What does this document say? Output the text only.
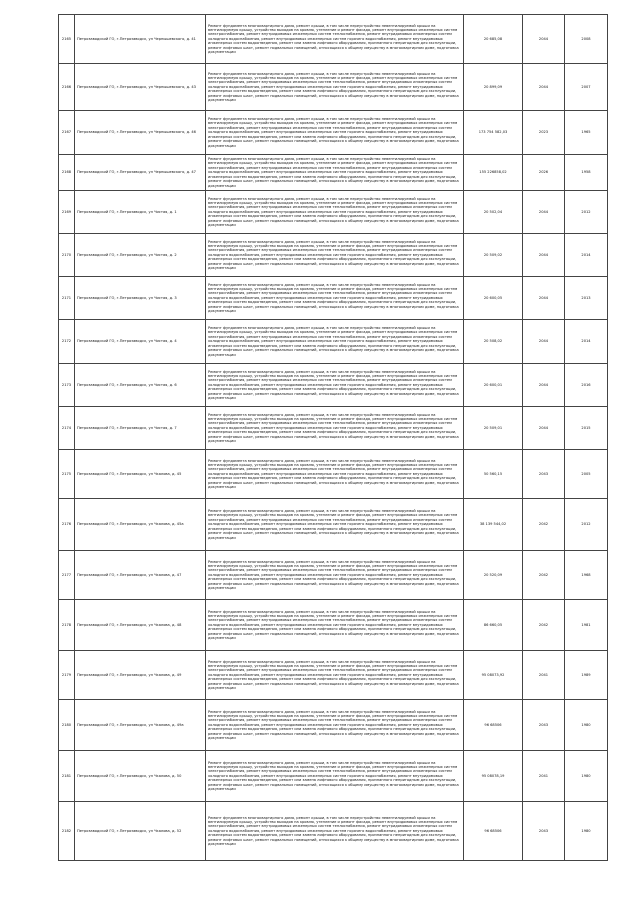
2165	Петрозаводский ГО, г.Петрозаводск, ул Чернышевского, д. 41	Ремонт фундамента многоквартирного дома, ремонт крыши, в том числе переустройство невентилируемой крыши на вентилируемую крышу, устройство выходов на кровлю, утепление и ремонт фасада, ремонт внутридомовых инженерных систем электроснабжения, ремонт внутридомовых инженерных систем теплоснабжения, ремонт внутридомовых инженерных систем холодного водоснабжения, ремонт внутридомовых инженерных систем горячего водоснабжения, ремонт внутридомовых инженерных систем водоотведения, ремонт или замена лифтового оборудования, признанного непригодным для эксплуатации, ремонт лифтовых шахт, ремонт подвальных помещений, относящихся к общему имуществу в многоквартирном доме, подготовка документации	20 685,08	2044	2008
2166	Петрозаводский ГО, г.Петрозаводск, ул Чернышевского, д. 43	Ремонт фундамента многоквартирного дома, ремонт крыши, в том числе переустройство невентилируемой крыши на вентилируемую крышу, устройство выходов на кровлю, утепление и ремонт фасада, ремонт внутридомовых инженерных систем электроснабжения, ремонт внутридомовых инженерных систем теплоснабжения, ремонт внутридомовых инженерных систем холодного водоснабжения, ремонт внутридомовых инженерных систем горячего водоснабжения, ремонт внутридомовых инженерных систем водоотведения, ремонт или замена лифтового оборудования, признанного непригодным для эксплуатации, ремонт лифтовых шахт, ремонт подвальных помещений, относящихся к общему имуществу в многоквартирном доме, подготовка документации	20 899,09	2044	2007
2167	Петрозаводский ГО, г.Петрозаводск, ул Чернышевского, д. 46	Ремонт фундамента многоквартирного дома, ремонт крыши, в том числе переустройство невентилируемой крыши на вентилируемую крышу, устройство выходов на кровлю, утепление и ремонт фасада, ремонт внутридомовых инженерных систем электроснабжения, ремонт внутридомовых инженерных систем теплоснабжения, ремонт внутридомовых инженерных систем холодного водоснабжения, ремонт внутридомовых инженерных систем горячего водоснабжения, ремонт внутридомовых инженерных систем водоотведения, ремонт или замена лифтового оборудования, признанного непригодным для эксплуатации, ремонт лифтовых шахт, ремонт подвальных помещений, относящихся к общему имуществу в многоквартирном доме, подготовка документации	173 754 582,03	2023	1965
2168	Петрозаводский ГО, г.Петрозаводск, ул Чернышевского, д. 47	Ремонт фундамента многоквартирного дома, ремонт крыши, в том числе переустройство невентилируемой крыши на вентилируемую крышу, устройство выходов на кровлю, утепление и ремонт фасада, ремонт внутридомовых инженерных систем электроснабжения, ремонт внутридомовых инженерных систем теплоснабжения, ремонт внутридомовых инженерных систем холодного водоснабжения, ремонт внутридомовых инженерных систем горячего водоснабжения, ремонт внутридомовых инженерных систем водоотведения, ремонт или замена лифтового оборудования, признанного непригодным для эксплуатации, ремонт лифтовых шахт, ремонт подвальных помещений, относящихся к общему имуществу в многоквартирном доме, подготовка документации	155 226858,02	2026	1958
2169	Петрозаводский ГО, г.Петрозаводск, ул Чистая, д. 1	Ремонт фундамента многоквартирного дома, ремонт крыши, в том числе переустройство невентилируемой крыши на вентилируемую крышу, устройство выходов на кровлю, утепление и ремонт фасада, ремонт внутридомовых инженерных систем электроснабжения, ремонт внутридомовых инженерных систем теплоснабжения, ремонт внутридомовых инженерных систем холодного водоснабжения, ремонт внутридомовых инженерных систем горячего водоснабжения, ремонт внутридомовых инженерных систем водоотведения, ремонт или замена лифтового оборудования, признанного непригодным для эксплуатации, ремонт лифтовых шахт, ремонт подвальных помещений, относящихся к общему имуществу в многоквартирном доме, подготовка документации	20 502,04	2044	2012
2170	Петрозаводский ГО, г.Петрозаводск, ул Чистая, д. 2	Ремонт фундамента многоквартирного дома, ремонт крыши, в том числе переустройство невентилируемой крыши на вентилируемую крышу, устройство выходов на кровлю, утепление и ремонт фасада, ремонт внутридомовых инженерных систем электроснабжения, ремонт внутридомовых инженерных систем теплоснабжения, ремонт внутридомовых инженерных систем холодного водоснабжения, ремонт внутридомовых инженерных систем горячего водоснабжения, ремонт внутридомовых инженерных систем водоотведения, ремонт или замена лифтового оборудования, признанного непригодным для эксплуатации, ремонт лифтовых шахт, ремонт подвальных помещений, относящихся к общему имуществу в многоквартирном доме, подготовка документации	20 509,02	2044	2014
2171	Петрозаводский ГО, г.Петрозаводск, ул Чистая, д. 3	Ремонт фундамента многоквартирного дома, ремонт крыши, в том числе переустройство невентилируемой крыши на вентилируемую крышу, устройство выходов на кровлю, утепление и ремонт фасада, ремонт внутридомовых инженерных систем электроснабжения, ремонт внутридомовых инженерных систем теплоснабжения, ремонт внутридомовых инженерных систем холодного водоснабжения, ремонт внутридомовых инженерных систем горячего водоснабжения, ремонт внутридомовых инженерных систем водоотведения, ремонт или замена лифтового оборудования, признанного непригодным для эксплуатации, ремонт лифтовых шахт, ремонт подвальных помещений, относящихся к общему имуществу в многоквартирном доме, подготовка документации	20 600,05	2044	2013
2172	Петрозаводский ГО, г.Петрозаводск, ул Чистая, д. 4	Ремонт фундамента многоквартирного дома, ремонт крыши, в том числе переустройство невентилируемой крыши на вентилируемую крышу, устройство выходов на кровлю, утепление и ремонт фасада, ремонт внутридомовых инженерных систем электроснабжения, ремонт внутридомовых инженерных систем теплоснабжения, ремонт внутридомовых инженерных систем холодного водоснабжения, ремонт внутридомовых инженерных систем горячего водоснабжения, ремонт внутридомовых инженерных систем водоотведения, ремонт или замена лифтового оборудования, признанного непригодным для эксплуатации, ремонт лифтовых шахт, ремонт подвальных помещений, относящихся к общему имуществу в многоквартирном доме, подготовка документации	20 508,02	2044	2014
2173	Петрозаводский ГО, г.Петрозаводск, ул Чистая, д. 6	Ремонт фундамента многоквартирного дома, ремонт крыши, в том числе переустройство невентилируемой крыши на вентилируемую крышу, устройство выходов на кровлю, утепление и ремонт фасада, ремонт внутридомовых инженерных систем электроснабжения, ремонт внутридомовых инженерных систем теплоснабжения, ремонт внутридомовых инженерных систем холодного водоснабжения, ремонт внутридомовых инженерных систем горячего водоснабжения, ремонт внутридомовых инженерных систем водоотведения, ремонт или замена лифтового оборудования, признанного непригодным для эксплуатации, ремонт лифтовых шахт, ремонт подвальных помещений, относящихся к общему имуществу в многоквартирном доме, подготовка документации	20 600,01	2044	2016
2174	Петрозаводский ГО, г.Петрозаводск, ул Чистая, д. 7	Ремонт фундамента многоквартирного дома, ремонт крыши, в том числе переустройство невентилируемой крыши на вентилируемую крышу, устройство выходов на кровлю, утепление и ремонт фасада, ремонт внутридомовых инженерных систем электроснабжения, ремонт внутридомовых инженерных систем теплоснабжения, ремонт внутридомовых инженерных систем холодного водоснабжения, ремонт внутридомовых инженерных систем горячего водоснабжения, ремонт внутридомовых инженерных систем водоотведения, ремонт или замена лифтового оборудования, признанного непригодным для эксплуатации, ремонт лифтовых шахт, ремонт подвальных помещений, относящихся к общему имуществу в многоквартирном доме, подготовка документации	20 509,01	2044	2015
2175	Петрозаводский ГО, г.Петрозаводск, ул Чкалова, д. 45	Ремонт фундамента многоквартирного дома, ремонт крыши, в том числе переустройство невентилируемой крыши на вентилируемую крышу, устройство выходов на кровлю, утепление и ремонт фасада, ремонт внутридомовых инженерных систем электроснабжения, ремонт внутридомовых инженерных систем теплоснабжения, ремонт внутридомовых инженерных систем холодного водоснабжения, ремонт внутридомовых инженерных систем горячего водоснабжения, ремонт внутридомовых инженерных систем водоотведения, ремонт или замена лифтового оборудования, признанного непригодным для эксплуатации, ремонт лифтовых шахт, ремонт подвальных помещений, относящихся к общему имуществу в многоквартирном доме, подготовка документации	50 560,15	2043	2005
2176	Петрозаводский ГО, г.Петрозаводск, ул Чкалова, д. 45а	Ремонт фундамента многоквартирного дома, ремонт крыши, в том числе переустройство невентилируемой крыши на вентилируемую крышу, устройство выходов на кровлю, утепление и ремонт фасада, ремонт внутридомовых инженерных систем электроснабжения, ремонт внутридомовых инженерных систем теплоснабжения, ремонт внутридомовых инженерных систем холодного водоснабжения, ремонт внутридомовых инженерных систем горячего водоснабжения, ремонт внутридомовых инженерных систем водоотведения, ремонт или замена лифтового оборудования, признанного непригодным для эксплуатации, ремонт лифтовых шахт, ремонт подвальных помещений, относящихся к общему имуществу в многоквартирном доме, подготовка документации	38 139 544,02	2042	2012
2177	Петрозаводский ГО, г.Петрозаводск, ул Чкалова, д. 47	Ремонт фундамента многоквартирного дома, ремонт крыши, в том числе переустройство невентилируемой крыши на вентилируемую крышу, устройство выходов на кровлю, утепление и ремонт фасада, ремонт внутридомовых инженерных систем электроснабжения, ремонт внутридомовых инженерных систем теплоснабжения, ремонт внутридомовых инженерных систем холодного водоснабжения, ремонт внутридомовых инженерных систем горячего водоснабжения, ремонт внутридомовых инженерных систем водоотведения, ремонт или замена лифтового оборудования, признанного непригодным для эксплуатации, ремонт лифтовых шахт, ремонт подвальных помещений, относящихся к общему имуществу в многоквартирном доме, подготовка документации	20 520,09	2042	1968
2178	Петрозаводский ГО, г.Петрозаводск, ул Чкалова, д. 48	Ремонт фундамента многоквартирного дома, ремонт крыши, в том числе переустройство невентилируемой крыши на вентилируемую крышу, устройство выходов на кровлю, утепление и ремонт фасада, ремонт внутридомовых инженерных систем электроснабжения, ремонт внутридомовых инженерных систем теплоснабжения, ремонт внутридомовых инженерных систем холодного водоснабжения, ремонт внутридомовых инженерных систем горячего водоснабжения, ремонт внутридомовых инженерных систем водоотведения, ремонт или замена лифтового оборудования, признанного непригодным для эксплуатации, ремонт лифтовых шахт, ремонт подвальных помещений, относящихся к общему имуществу в многоквартирном доме, подготовка документации	86 660,05	2042	1981
2179	Петрозаводский ГО, г.Петрозаводск, ул Чкалова, д. 49	Ремонт фундамента многоквартирного дома, ремонт крыши, в том числе переустройство невентилируемой крыши на вентилируемую крышу, устройство выходов на кровлю, утепление и ремонт фасада, ремонт внутридомовых инженерных систем электроснабжения, ремонт внутридомовых инженерных систем теплоснабжения, ремонт внутридомовых инженерных систем холодного водоснабжения, ремонт внутридомовых инженерных систем горячего водоснабжения, ремонт внутридомовых инженерных систем водоотведения, ремонт или замена лифтового оборудования, признанного непригодным для эксплуатации, ремонт лифтовых шахт, ремонт подвальных помещений, относящихся к общему имуществу в многоквартирном доме, подготовка документации	95 08073,92	2041	1989
2180	Петрозаводский ГО, г.Петрозаводск, ул Чкалова, д. 49а	Ремонт фундамента многоквартирного дома, ремонт крыши, в том числе переустройство невентилируемой крыши на вентилируемую крышу, устройство выходов на кровлю, утепление и ремонт фасада, ремонт внутридомовых инженерных систем электроснабжения, ремонт внутридомовых инженерных систем теплоснабжения, ремонт внутридомовых инженерных систем холодного водоснабжения, ремонт внутридомовых инженерных систем горячего водоснабжения, ремонт внутридомовых инженерных систем водоотведения, ремонт или замена лифтового оборудования, признанного непригодным для эксплуатации, ремонт лифтовых шахт, ремонт подвальных помещений, относящихся к общему имуществу в многоквартирном доме, подготовка документации	96 68506	2043	1980
2181	Петрозаводский ГО, г.Петрозаводск, ул Чкалова, д. 50	Ремонт фундамента многоквартирного дома, ремонт крыши, в том числе переустройство невентилируемой крыши на вентилируемую крышу, устройство выходов на кровлю, утепление и ремонт фасада, ремонт внутридомовых инженерных систем электроснабжения, ремонт внутридомовых инженерных систем теплоснабжения, ремонт внутридомовых инженерных систем холодного водоснабжения, ремонт внутридомовых инженерных систем горячего водоснабжения, ремонт внутридомовых инженерных систем водоотведения, ремонт или замена лифтового оборудования, признанного непригодным для эксплуатации, ремонт лифтовых шахт, ремонт подвальных помещений, относящихся к общему имуществу в многоквартирном доме, подготовка документации	95 08078,19	2041	1980
2182	Петрозаводский ГО, г.Петрозаводск, ул Чкалова, д. 52	Ремонт фундамента многоквартирного дома, ремонт крыши, в том числе переустройство невентилируемой крыши на вентилируемую крышу, устройство выходов на кровлю, утепление и ремонт фасада, ремонт внутридомовых инженерных систем электроснабжения, ремонт внутридомовых инженерных систем теплоснабжения, ремонт внутридомовых инженерных систем холодного водоснабжения, ремонт внутридомовых инженерных систем горячего водоснабжения, ремонт внутридомовых инженерных систем водоотведения, ремонт или замена лифтового оборудования, признанного непригодным для эксплуатации, ремонт лифтовых шахт, ремонт подвальных помещений, относящихся к общему имуществу в многоквартирном доме, подготовка документации	96 68506	2043	1980
